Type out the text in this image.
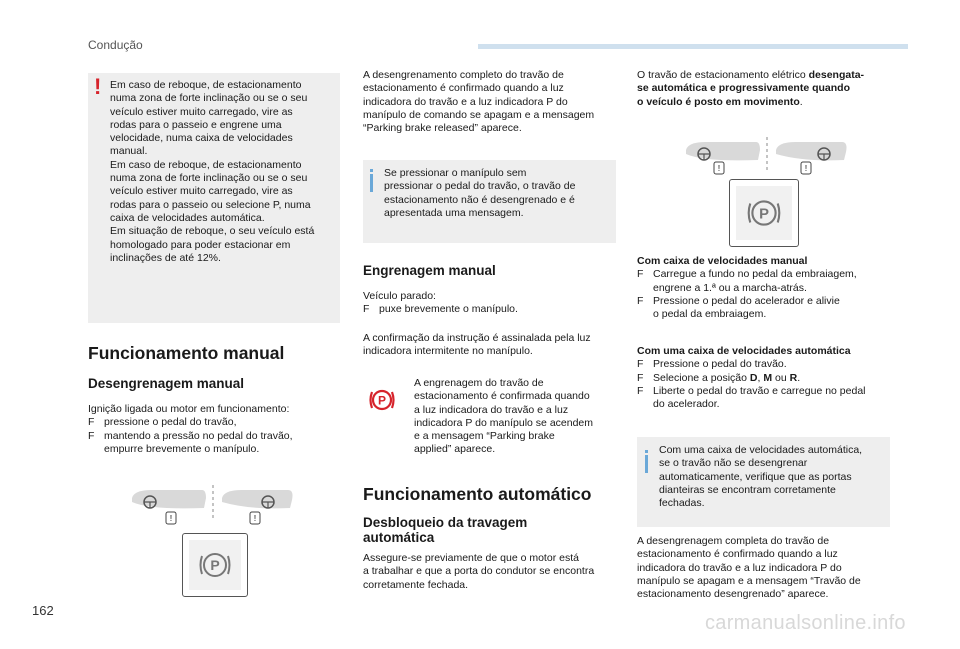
Condução
162
carmanualsonline.info
! Em caso de reboque, de estacionamento

numa zona de forte inclinação ou se o seu

veículo estiver muito carregado, vire as

rodas para o passeio e engrene uma

velocidade, numa caixa de velocidades

manual.

Em caso de reboque, de estacionamento

numa zona de forte inclinação ou se o seu

veículo estiver muito carregado, vire as

rodas para o passeio ou selecione P, numa

caixa de velocidades automática.

Em situação de reboque, o seu veículo está

homologado para poder estacionar em

inclinações de até 12%.

Funcionamento manual
Desengrenagem manual

Ignição ligada ou motor em funcionamento:

F pressione o pedal do travão,
F mantendo a pressão no pedal do travão,
empurre brevemente o manípulo.
!	!
P

A desengrenamento completo do travão de

estacionamento é confirmado quando a luz

indicadora do travão e a luz indicadora P do

manípulo de comando se apagam e a mensagem

“Parking brake released” aparece.

Se pressionar o manípulo sem

pressionar o pedal do travão, o travão de

estacionamento não é desengrenado e é

apresentada uma mensagem.

Engrenagem manual

Veículo parado:

F puxe brevemente o manípulo.

A confirmação da instrução é assinalada pela luz

indicadora intermitente no manípulo.

P

A engrenagem do travão de

estacionamento é confirmada quando

a luz indicadora do travão e a luz

indicadora P do manípulo se acendem

e a mensagem “Parking brake

applied” aparece.

Funcionamento automático
Desbloqueio da travagem
automática

Assegure-se previamente de que o motor está

a trabalhar e que a porta do condutor se encontra

corretamente fechada.

O travão de estacionamento elétrico desengata-

se automática e progressivamente quando

o veículo é posto em movimento.

!	!
P

Com caixa de velocidades manual

F Carregue a fundo no pedal da embraiagem,
engrene a 1.ª ou a marcha-atrás.
F Pressione o pedal do acelerador e alivie
o pedal da embraiagem.

Com uma caixa de velocidades automática

F Pressione o pedal do travão.
F Selecione a posição D, M ou R.
F Liberte o pedal do travão e carregue no pedal
do acelerador.

Com uma caixa de velocidades automática,

se o travão não se desengrenar

automaticamente, verifique que as portas

dianteiras se encontram corretamente

fechadas.

A desengrenagem completa do travão de

estacionamento é confirmado quando a luz

indicadora do travão e a luz indicadora P do

manípulo se apagam e a mensagem “Travão de

estacionamento desengrenado” aparece.
